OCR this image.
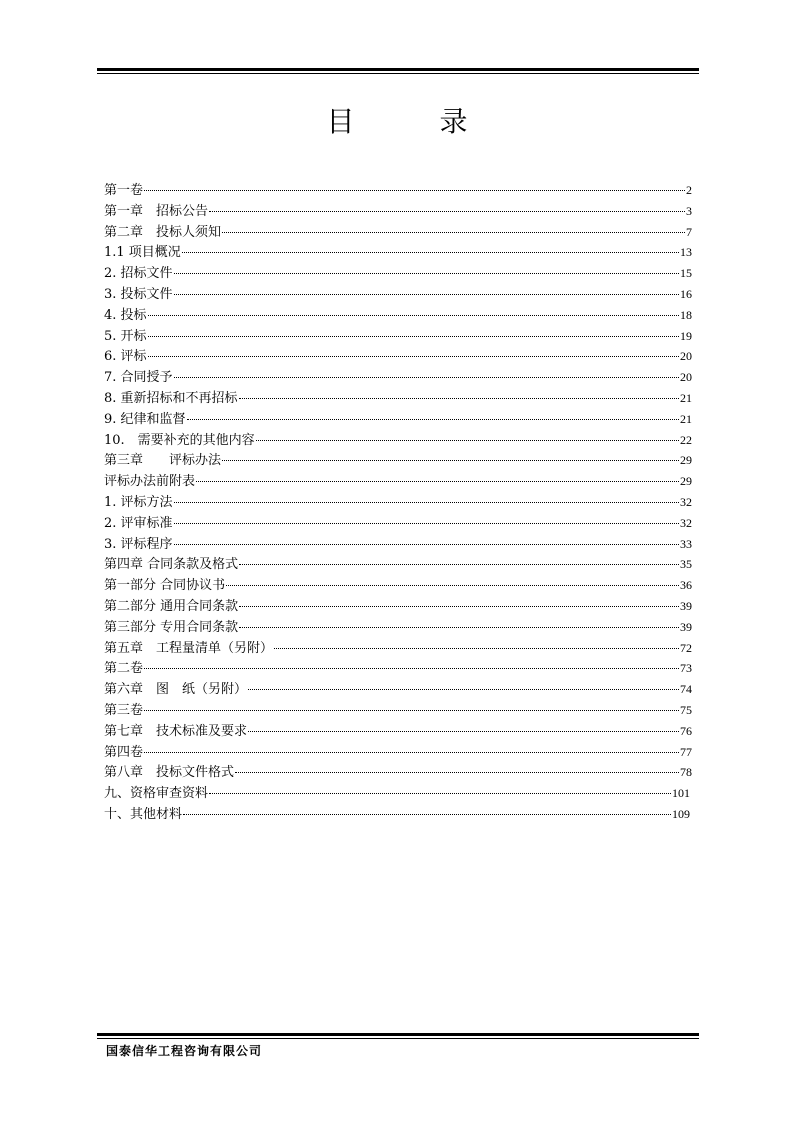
目 录
第一卷	2
第一章　招标公告	3
第二章　投标人须知	7
1.1 项目概况	13
2. 招标文件	15
3. 投标文件	16
4. 投标	18
5. 开标	19
6. 评标	20
7. 合同授予	20
8. 重新招标和不再招标	21
9. 纪律和监督	21
10.　需要补充的其他内容	22
第三章　　评标办法	29
评标办法前附表	29
1. 评标方法	32
2. 评审标准	32
3. 评标程序	33
第四章 合同条款及格式	35
第一部分 合同协议书	36
第二部分 通用合同条款	39
第三部分 专用合同条款	39
第五章　工程量清单（另附）	72
第二卷	73
第六章　图　纸（另附）	74
第三卷	75
第七章　技术标准及要求	76
第四卷	77
第八章　投标文件格式	78
九、资格审查资料	101
十、其他材料	109
国泰信华工程咨询有限公司
